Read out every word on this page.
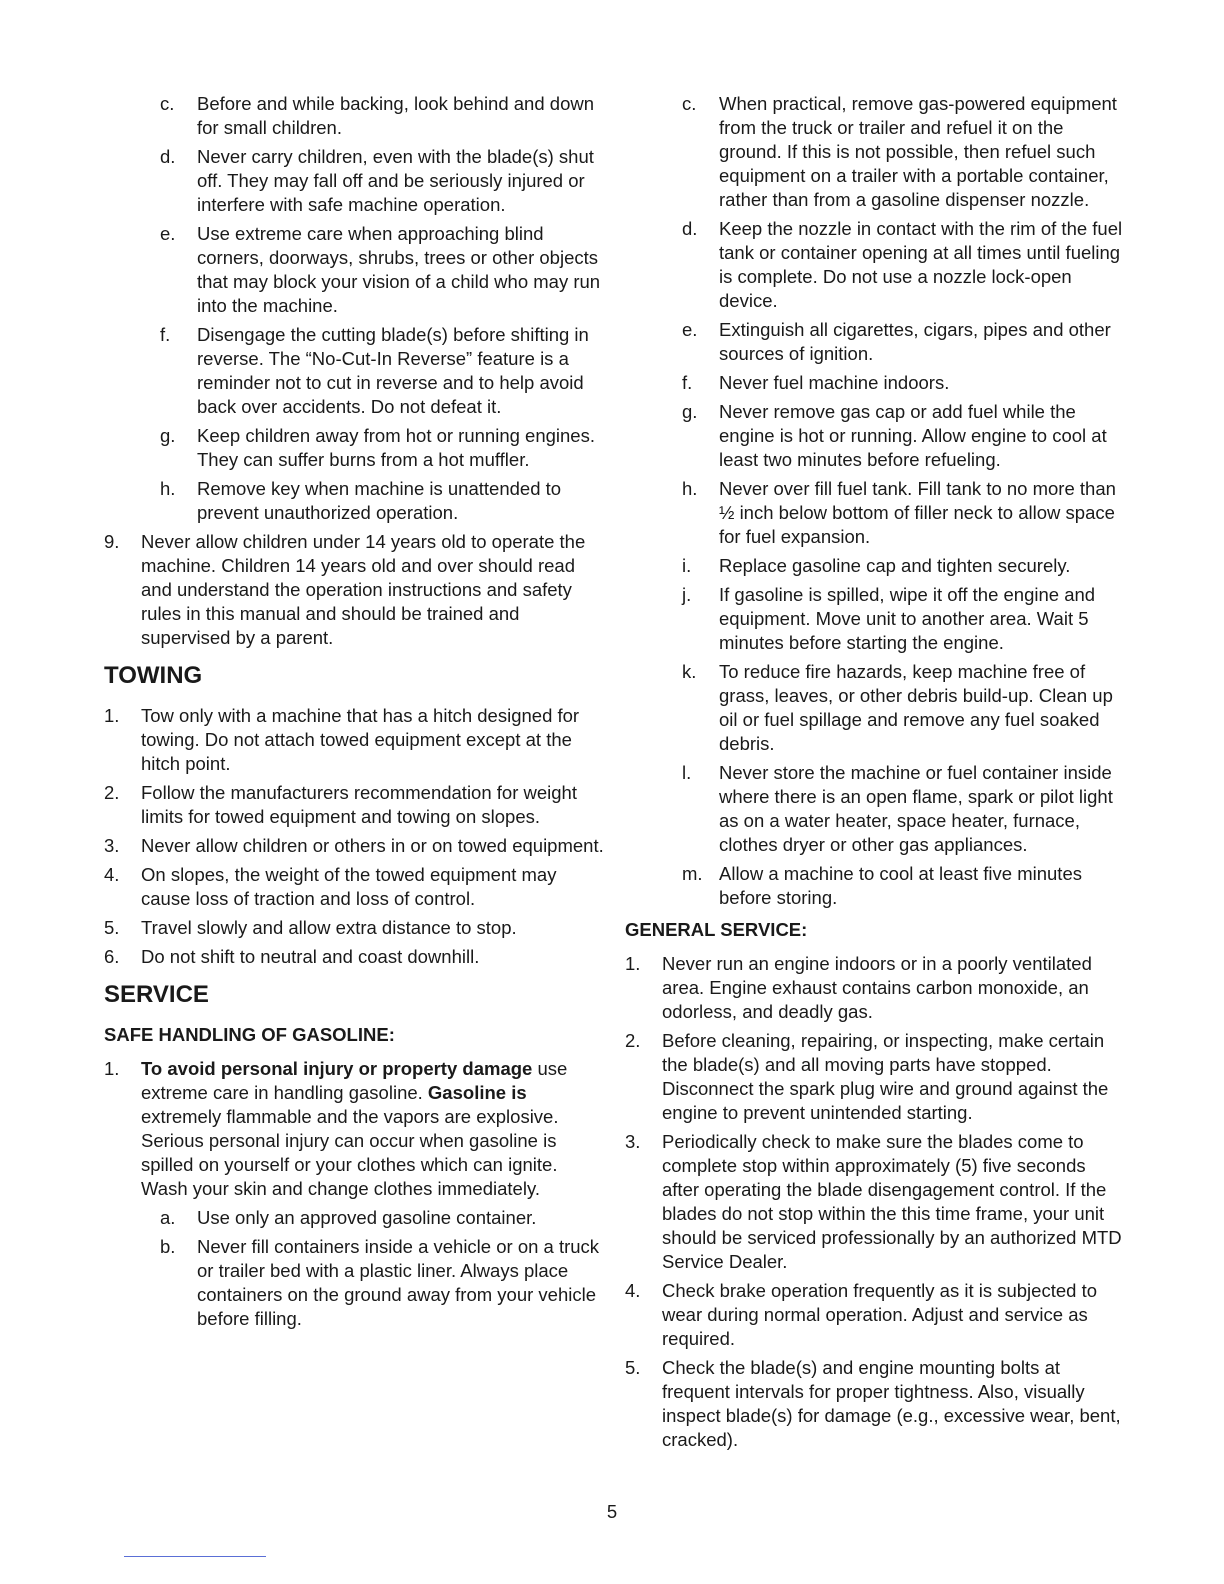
c.	Before and while backing, look behind and down for small children.
d.	Never carry children, even with the blade(s) shut off. They may fall off and be seriously injured or interfere with safe machine operation.
e.	Use extreme care when approaching blind corners, doorways, shrubs, trees or other objects that may block your vision of a child who may run into the machine.
f.	Disengage the cutting blade(s) before shifting in reverse. The “No-Cut-In Reverse” feature is a reminder not to cut in reverse and to help avoid back over accidents. Do not defeat it.
g.	Keep children away from hot or running engines. They can suffer burns from a hot muffler.
h.	Remove key when machine is unattended to prevent unauthorized operation.
9.	Never allow children under 14 years old to operate the machine. Children 14 years old and over should read and understand the operation instructions and safety rules in this manual and should be trained and supervised by a parent.
TOWING
1.	Tow only with a machine that has a hitch designed for towing. Do not attach towed equipment except at the hitch point.
2.	Follow the manufacturers recommendation for weight limits for towed equipment and towing on slopes.
3.	Never allow children or others in or on towed equipment.
4.	On slopes, the weight of the towed equipment may cause loss of traction and loss of control.
5.	Travel slowly and allow extra distance to stop.
6.	Do not shift to neutral and coast downhill.
SERVICE
SAFE HANDLING OF GASOLINE:
1.	To avoid personal injury or property damage use extreme care in handling gasoline. Gasoline is extremely flammable and the vapors are explosive. Serious personal injury can occur when gasoline is spilled on yourself or your clothes which can ignite. Wash your skin and change clothes immediately.
a.	Use only an approved gasoline container.
b.	Never fill containers inside a vehicle or on a truck or trailer bed with a plastic liner. Always place containers on the ground away from your vehicle before filling.
c.	When practical, remove gas-powered equipment from the truck or trailer and refuel it on the ground. If this is not possible, then refuel such equipment on a trailer with a portable container, rather than from a gasoline dispenser nozzle.
d.	Keep the nozzle in contact with the rim of the fuel tank or container opening at all times until fueling is complete. Do not use a nozzle lock-open device.
e.	Extinguish all cigarettes, cigars, pipes and other sources of ignition.
f.	Never fuel machine indoors.
g.	Never remove gas cap or add fuel while the engine is hot or running. Allow engine to cool at least two minutes before refueling.
h.	Never over fill fuel tank. Fill tank to no more than ½ inch below bottom of filler neck to allow space for fuel expansion.
i.	Replace gasoline cap and tighten securely.
j.	If gasoline is spilled, wipe it off the engine and equipment. Move unit to another area. Wait 5 minutes before starting the engine.
k.	To reduce fire hazards, keep machine free of grass, leaves, or other debris build-up. Clean up oil or fuel spillage and remove any fuel soaked debris.
l.	Never store the machine or fuel container inside where there is an open flame, spark or pilot light as on a water heater, space heater, furnace, clothes dryer or other gas appliances.
m. Allow a machine to cool at least five minutes before storing.
GENERAL SERVICE:
1.	Never run an engine indoors or in a poorly ventilated area. Engine exhaust contains carbon monoxide, an odorless, and deadly gas.
2.	Before cleaning, repairing, or inspecting, make certain the blade(s) and all moving parts have stopped. Disconnect the spark plug wire and ground against the engine to prevent unintended starting.
3.	Periodically check to make sure the blades come to complete stop within approximately (5) five seconds after operating the blade disengagement control. If the blades do not stop within the this time frame, your unit should be serviced professionally by an authorized MTD Service Dealer.
4.	Check brake operation frequently as it is subjected to wear during normal operation. Adjust and service as required.
5.	Check the blade(s) and engine mounting bolts at frequent intervals for proper tightness. Also, visually inspect blade(s) for damage (e.g., excessive wear, bent, cracked).
5
